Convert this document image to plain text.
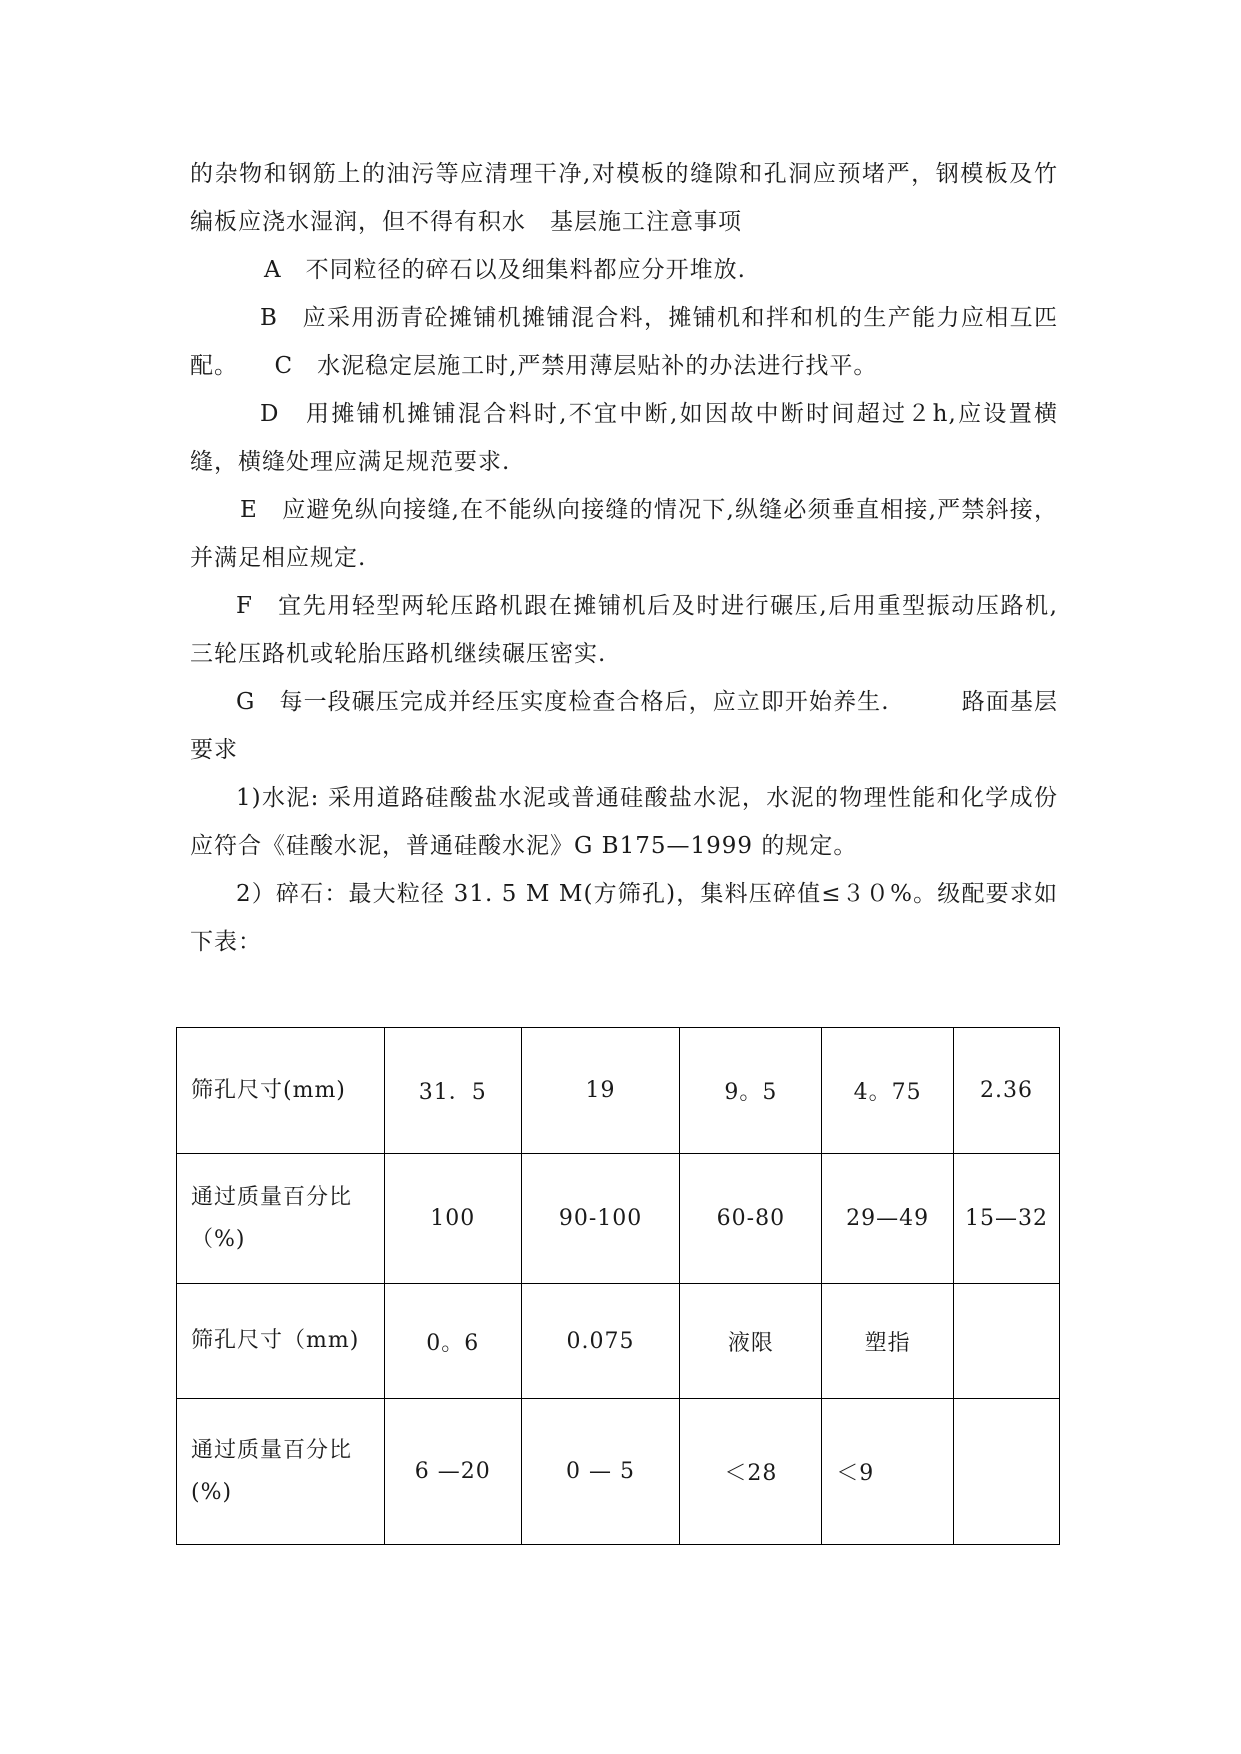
的杂物和钢筋上的油污等应清理干净,对模板的缝隙和孔洞应预堵严，钢模板及竹编板应浇水湿润，但不得有积水　基层施工注意事项

A　不同粒径的碎石以及细集料都应分开堆放.

B　应采用沥青砼摊铺机摊铺混合料，摊铺机和拌和机的生产能力应相互匹配。　　C　水泥稳定层施工时,严禁用薄层贴补的办法进行找平。

D　用摊铺机摊铺混合料时,不宜中断,如因故中断时间超过２h,应设置横缝，横缝处理应满足规范要求.

E　应避免纵向接缝,在不能纵向接缝的情况下,纵缝必须垂直相接,严禁斜接，并满足相应规定.

F　宜先用轻型两轮压路机跟在摊铺机后及时进行碾压,后用重型振动压路机,三轮压路机或轮胎压路机继续碾压密实.

G　每一段碾压完成并经压实度检查合格后，应立即开始养生.　　　路面基层要求

1)水泥: 采用道路硅酸盐水泥或普通硅酸盐水泥，水泥的物理性能和化学成份应符合《硅酸水泥，普通硅酸水泥》G B175—1999 的规定。

2）碎石：最大粒径 31. 5 M M(方筛孔)，集料压碎值≤３０%。级配要求如下表：

筛孔尺寸(mm)	31．5	19	9。5	4。75	2.36
通过质量百分比（%)	100	90-100	60-80	29—49	15—32
筛孔尺寸（mm)	0。6	0.075	液限	塑指	
通过质量百分比(%)	6 —20	0 — 5	＜28	＜9	
